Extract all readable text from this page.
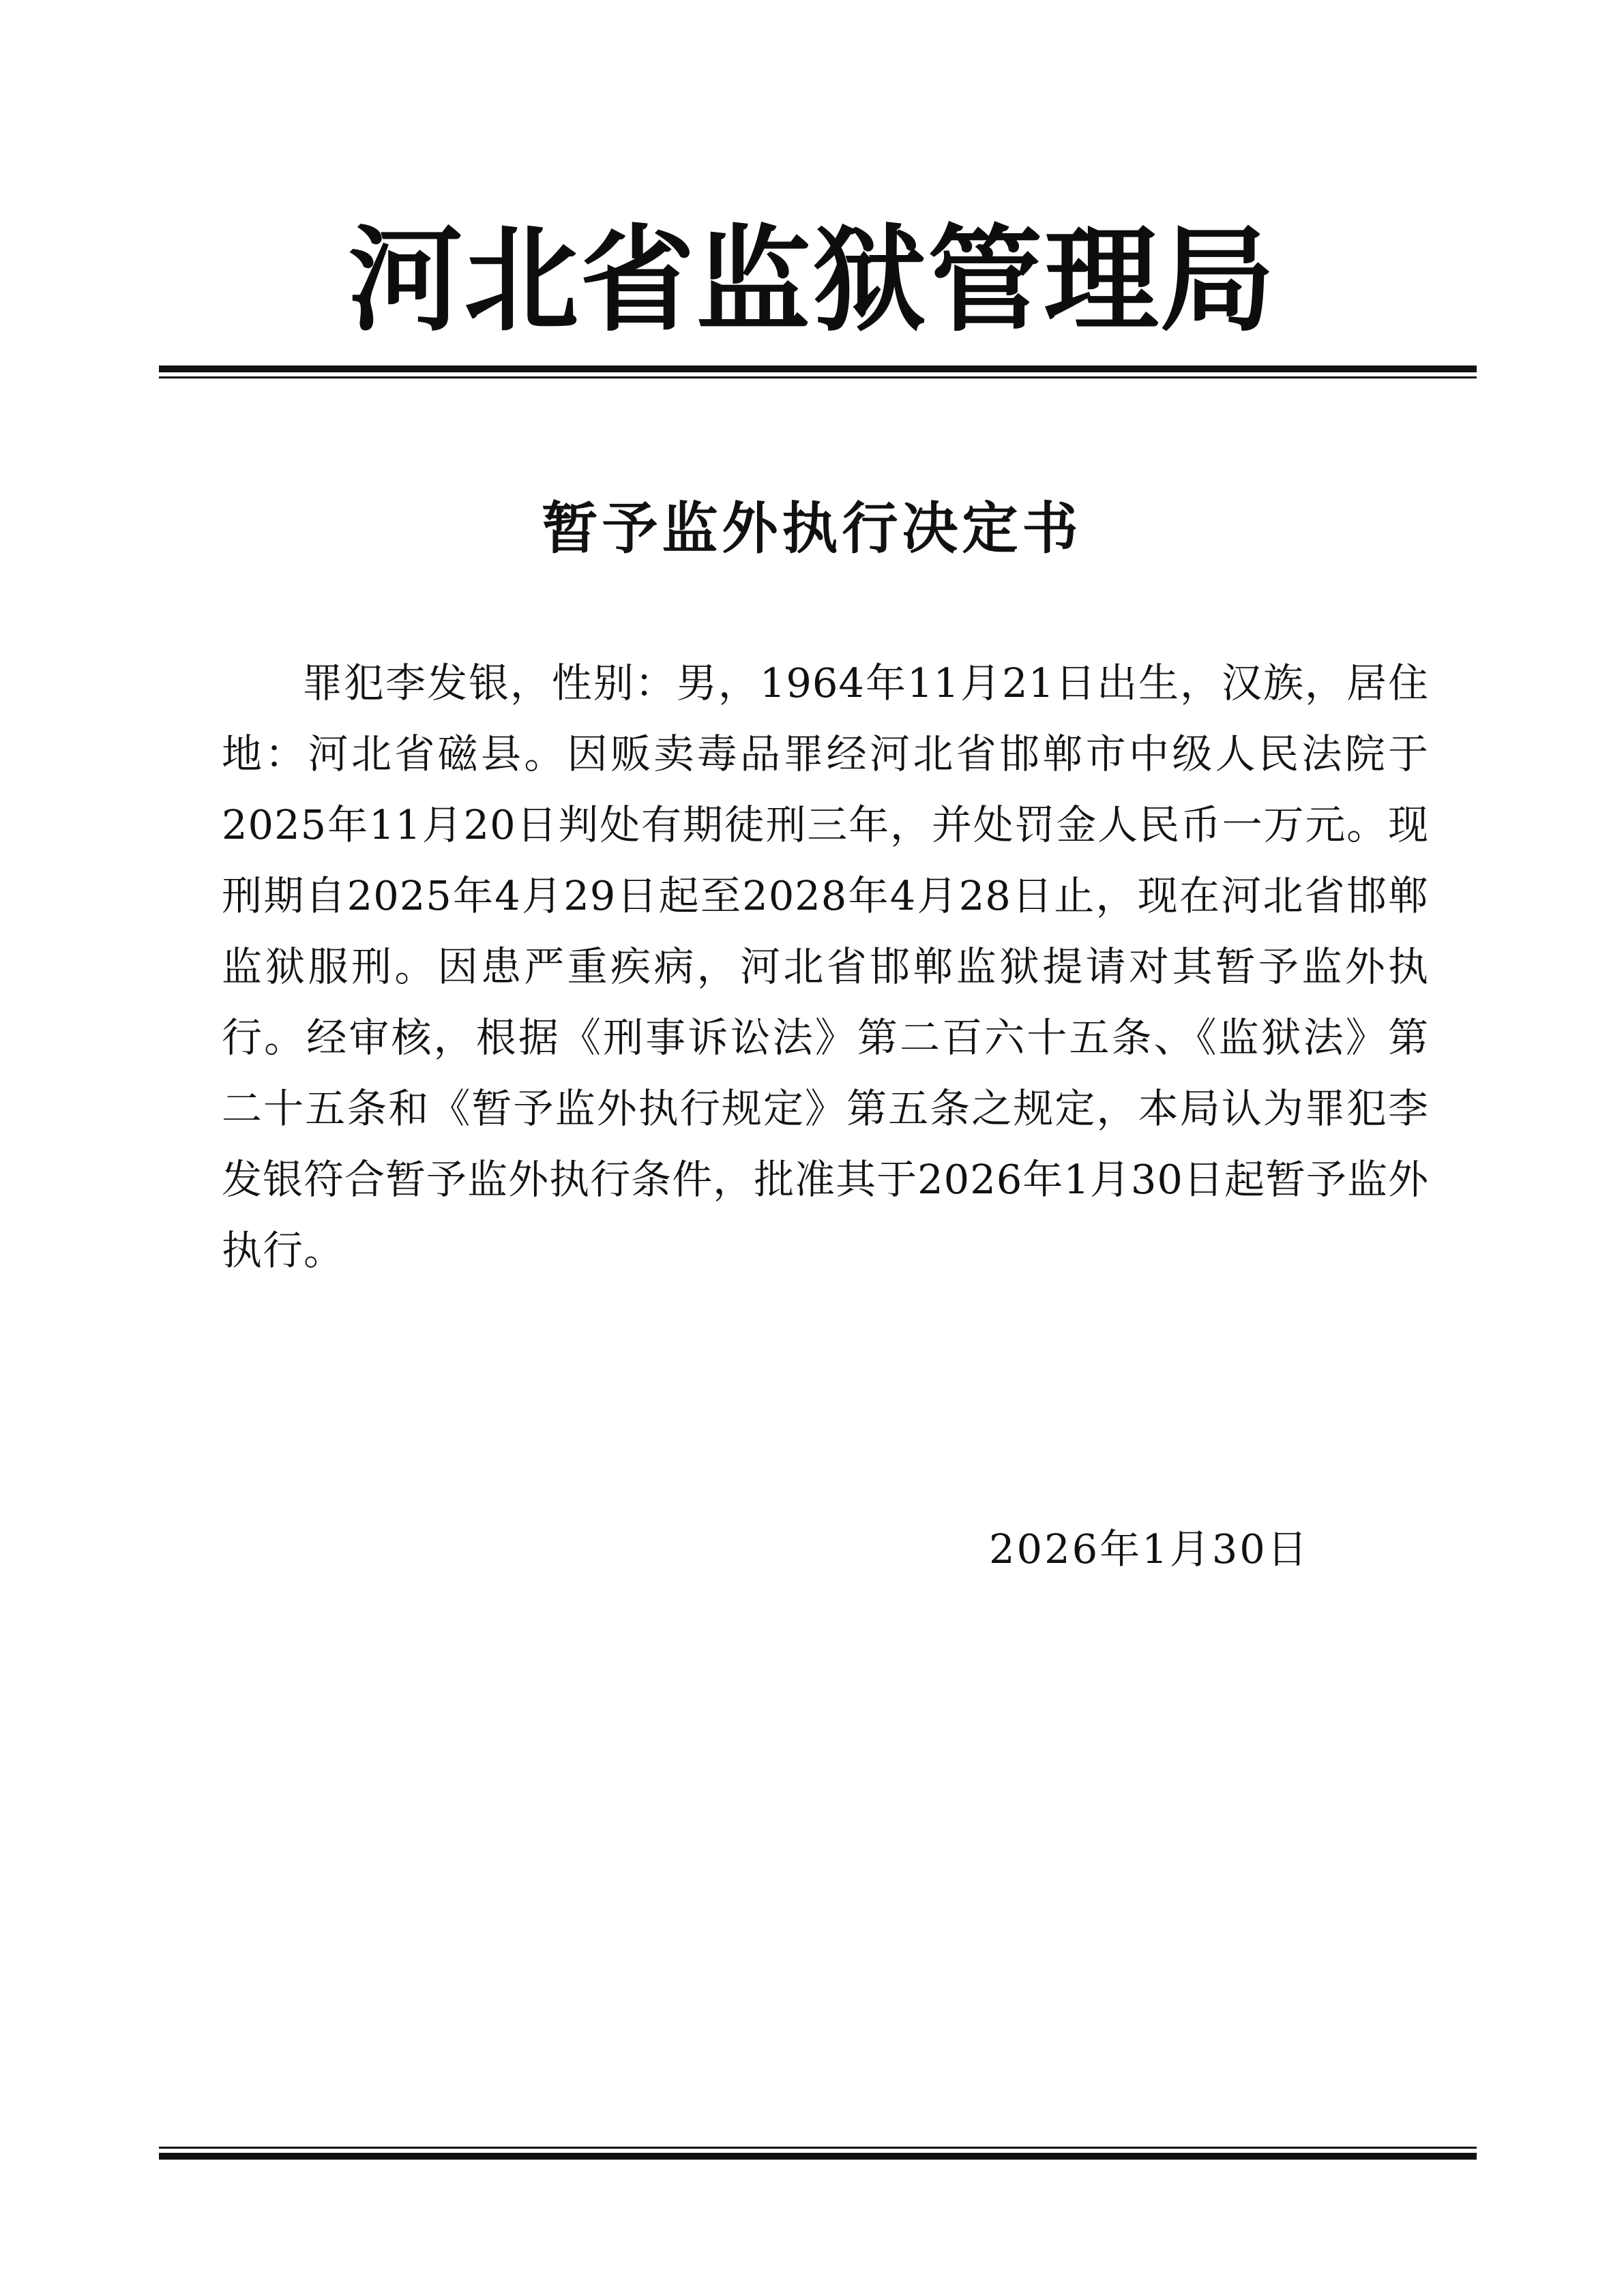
河北省监狱管理局
暂予监外执行决定书

罪犯李发银，性别：男，1964年11月21日出生，汉族，居住地：河北省磁县。因贩卖毒品罪经河北省邯郸市中级人民法院于2025年11月20日判处有期徒刑三年，并处罚金人民币一万元。现刑期自2025年4月29日起至2028年4月28日止，现在河北省邯郸监狱服刑。因患严重疾病，河北省邯郸监狱提请对其暂予监外执行。经审核，根据《刑事诉讼法》第二百六十五条、《监狱法》第二十五条和《暂予监外执行规定》第五条之规定，本局认为罪犯李发银符合暂予监外执行条件，批准其于2026年1月30日起暂予监外执行。

2026年1月30日
